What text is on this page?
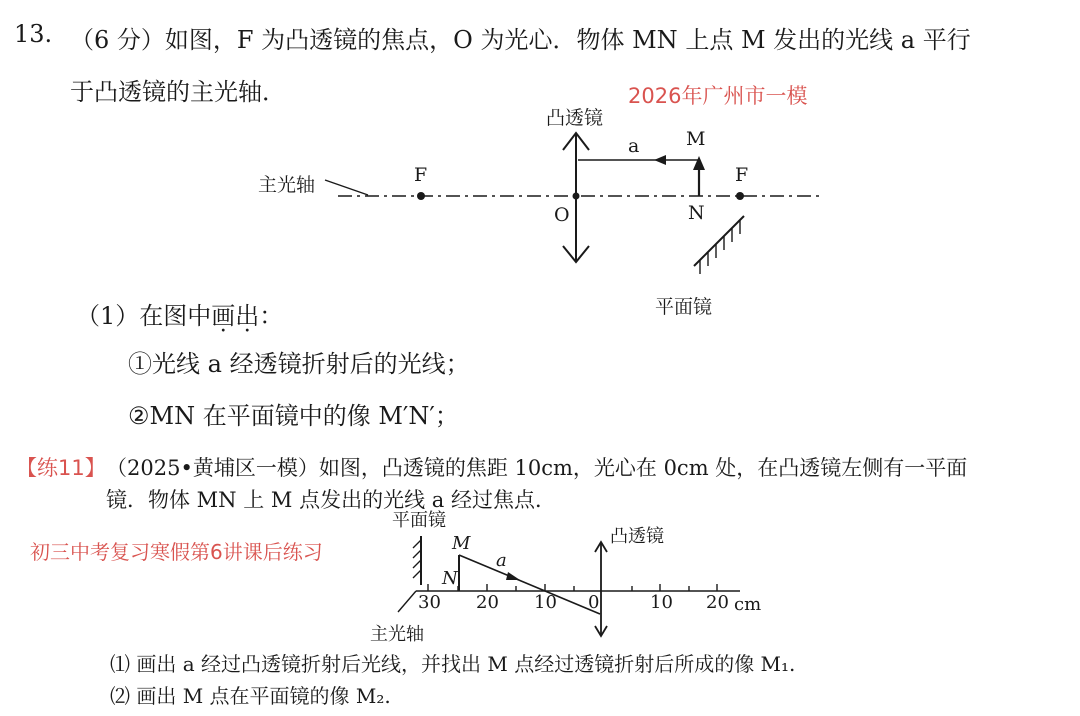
13. （6 分）如图，F 为凸透镜的焦点，O 为光心．物体 MN 上点 M 发出的光线 a 平行
于凸透镜的主光轴．	2026年广州市一模
凸透镜
主光轴	F	F
O
a M
N
平面镜
（1）在图中画出：
①光线 a 经透镜折射后的光线；
②MN 在平面镜中的像 M′N′；
【练11】 （2025•黄埔区一模）如图，凸透镜的焦距 10cm，光心在 0cm 处，在凸透镜左侧有一平面
镜．物体 MN 上 M 点发出的光线 a 经过焦点．
初三中考复习寒假第6讲课后练习
平面镜
凸透镜
主光轴
M
N
a
30 20 10 0	10 20 cm
⑴ 画出 a 经过凸透镜折射后光线，并找出 M 点经过透镜折射后所成的像 M₁.
⑵ 画出 M 点在平面镜的像 M₂.
